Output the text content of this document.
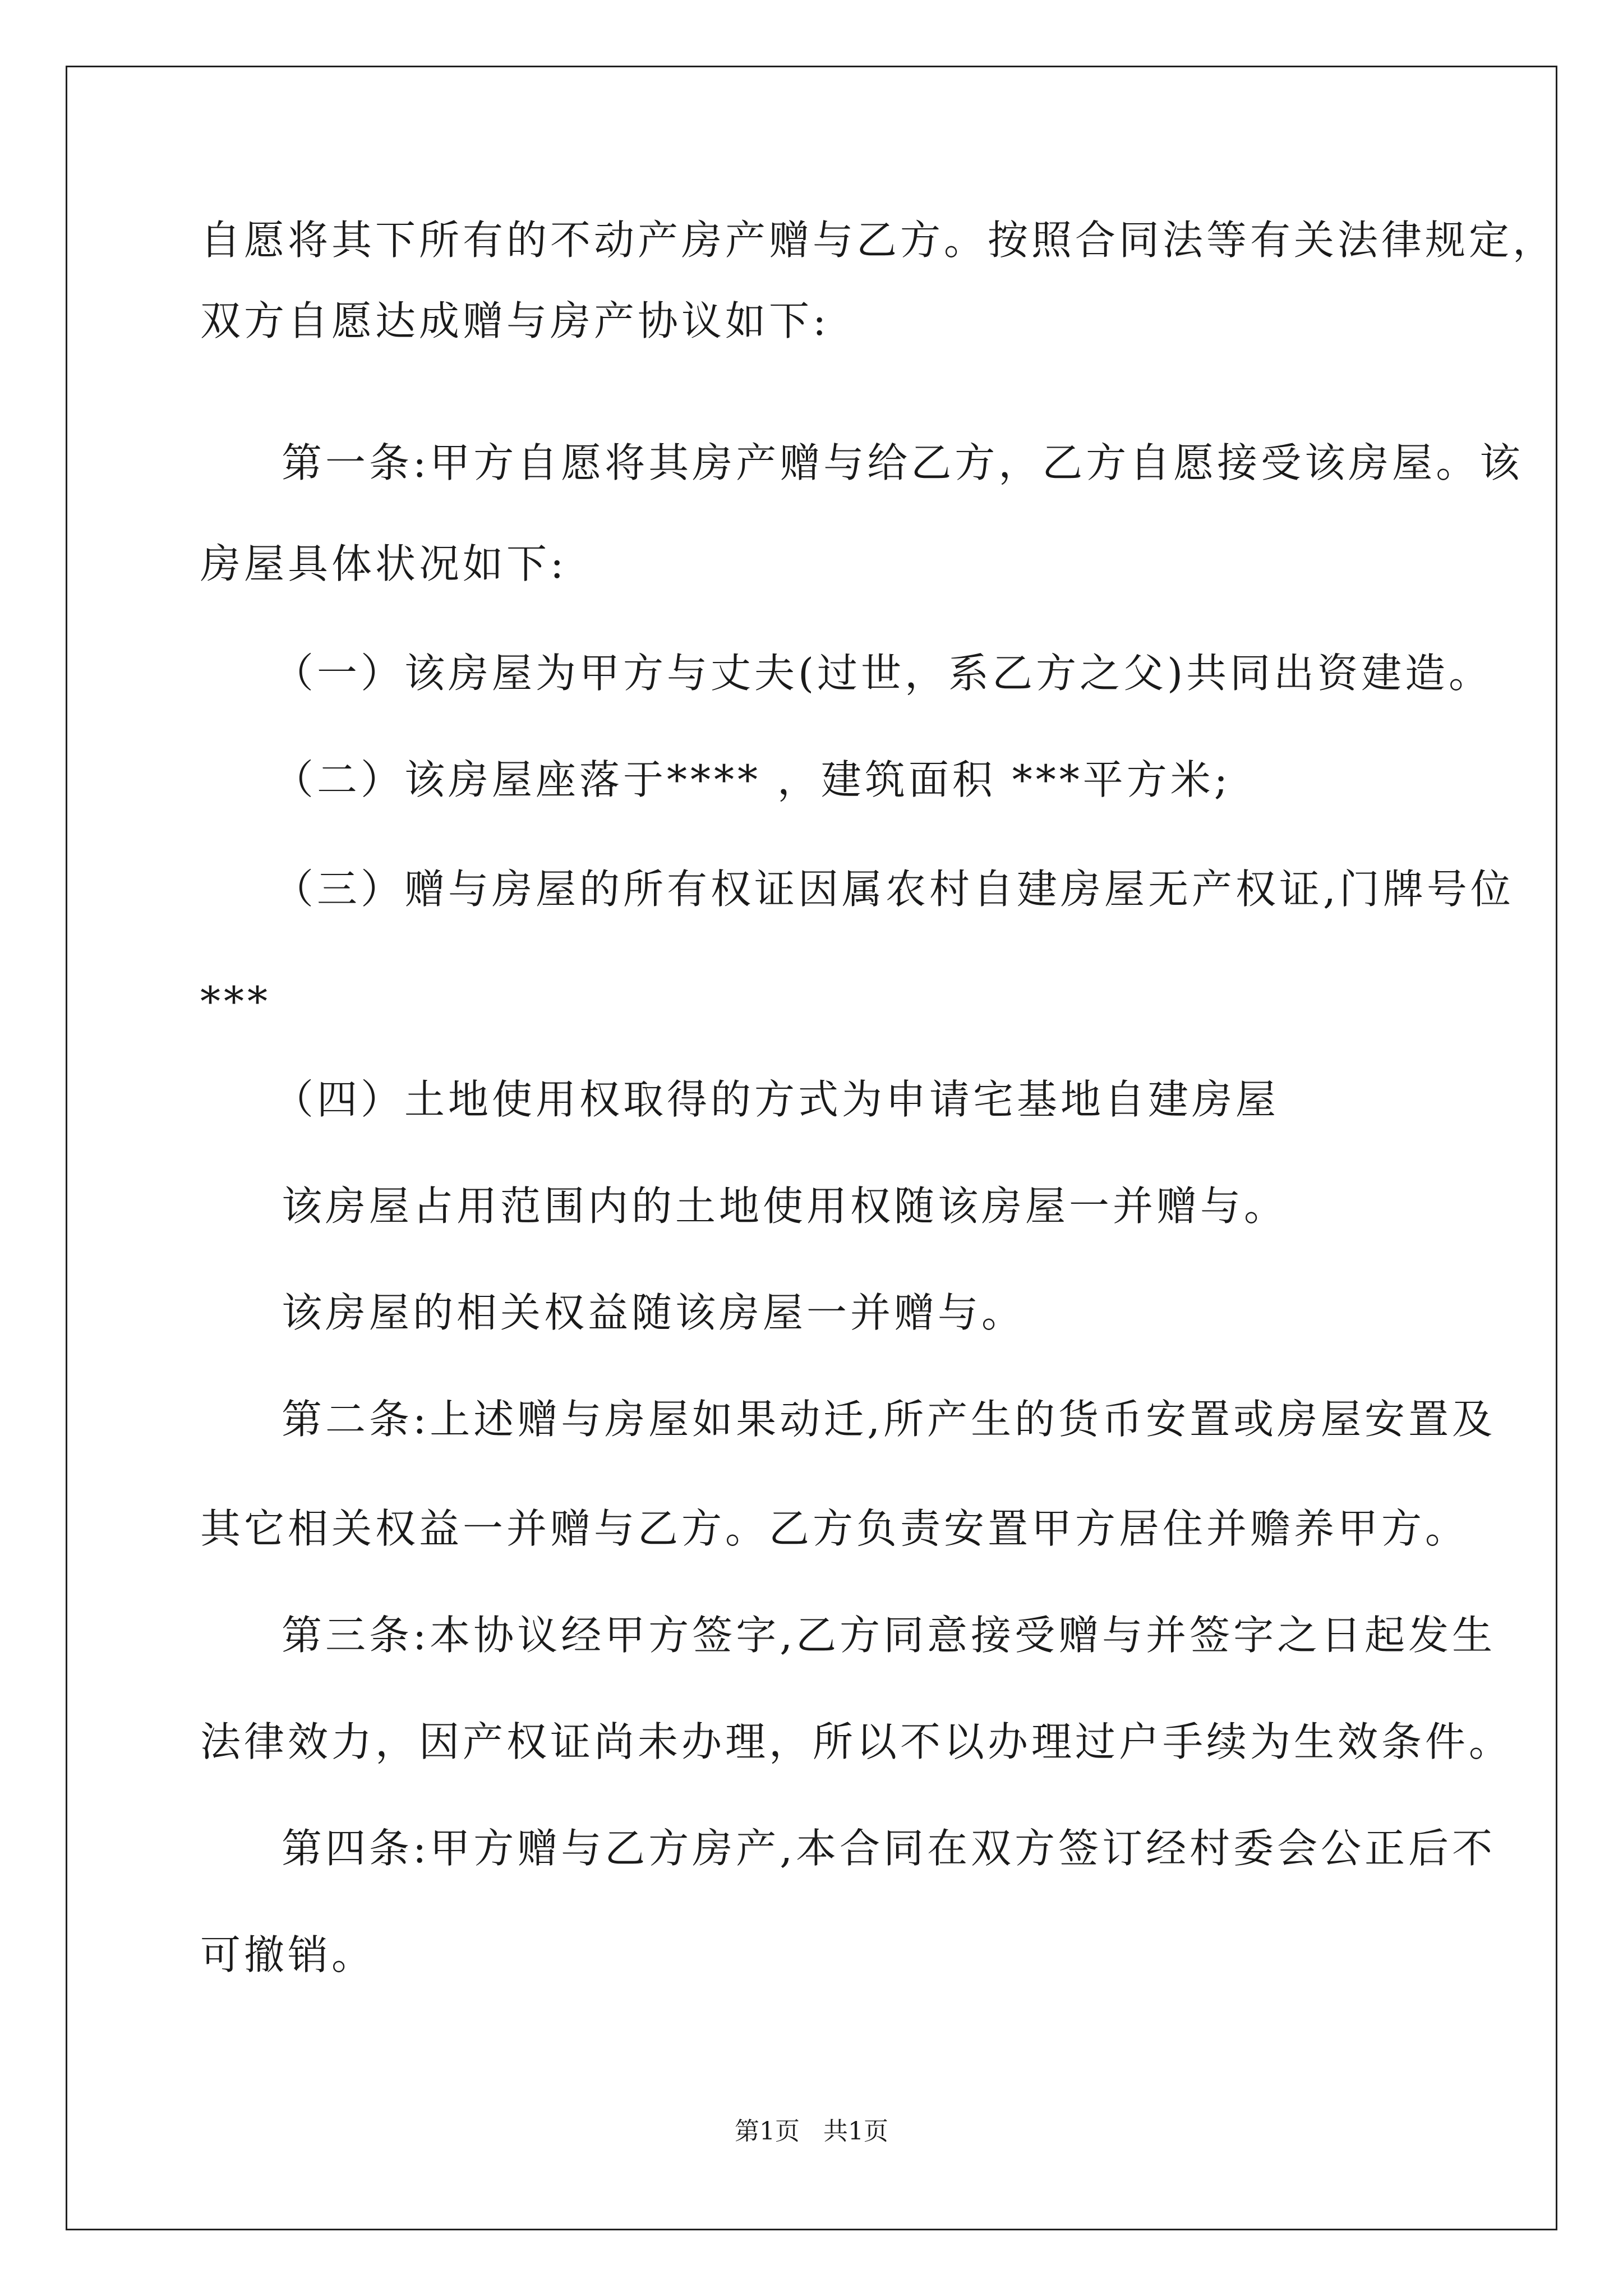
自愿将其下所有的不动产房产赠与乙方。按照合同法等有关法律规定，
双方自愿达成赠与房产协议如下:
第一条:甲方自愿将其房产赠与给乙方，乙方自愿接受该房屋。该
房屋具体状况如下:
（一）该房屋为甲方与丈夫(过世，系乙方之父)共同出资建造。
（二）该房屋座落于**** ，建筑面积 ***平方米;
（三）赠与房屋的所有权证因属农村自建房屋无产权证,门牌号位
***
（四）土地使用权取得的方式为申请宅基地自建房屋
该房屋占用范围内的土地使用权随该房屋一并赠与。
该房屋的相关权益随该房屋一并赠与。
第二条:上述赠与房屋如果动迁,所产生的货币安置或房屋安置及
其它相关权益一并赠与乙方。乙方负责安置甲方居住并赡养甲方。
第三条:本协议经甲方签字,乙方同意接受赠与并签字之日起发生
法律效力，因产权证尚未办理，所以不以办理过户手续为生效条件。
第四条:甲方赠与乙方房产,本合同在双方签订经村委会公正后不
可撤销。
第1页   共1页
